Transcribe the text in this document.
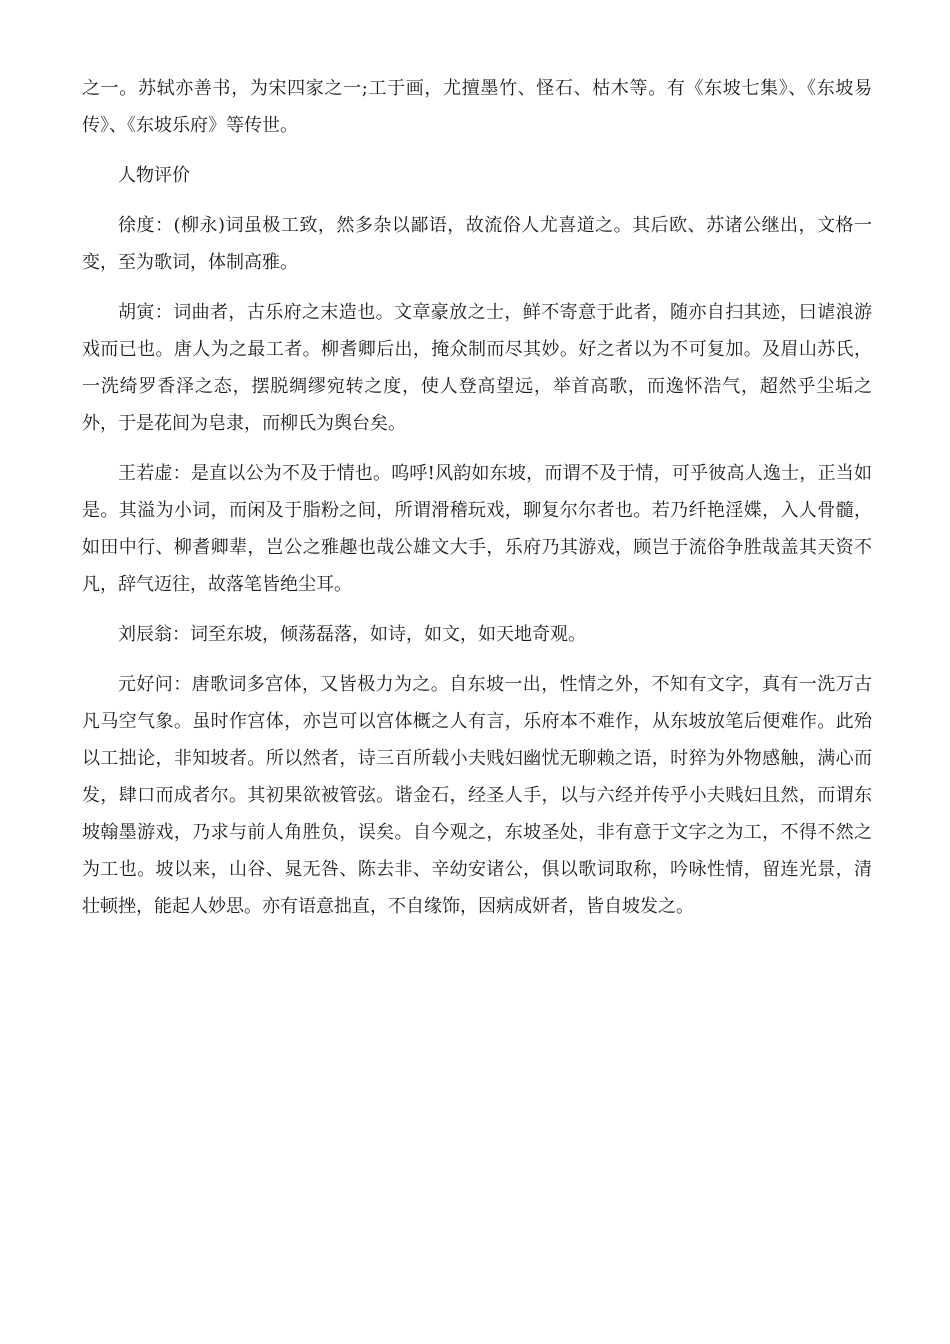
之一。苏轼亦善书，为宋四家之一;工于画，尤擅墨竹、怪石、枯木等。有《东坡七集》、《东坡易传》、《东坡乐府》等传世。

人物评价

徐度：(柳永)词虽极工致，然多杂以鄙语，故流俗人尤喜道之。其后欧、苏诸公继出，文格一变，至为歌词，体制高雅。

胡寅：词曲者，古乐府之末造也。文章豪放之士，鲜不寄意于此者，随亦自扫其迹，曰谑浪游戏而已也。唐人为之最工者。柳耆卿后出，掩众制而尽其妙。好之者以为不可复加。及眉山苏氏，一洗绮罗香泽之态，摆脱绸缪宛转之度，使人登高望远，举首高歌，而逸怀浩气，超然乎尘垢之外，于是花间为皂隶，而柳氏为舆台矣。

王若虚：是直以公为不及于情也。呜呼!风韵如东坡，而谓不及于情，可乎彼高人逸士，正当如是。其溢为小词，而闲及于脂粉之间，所谓滑稽玩戏，聊复尔尔者也。若乃纤艳淫媟，入人骨髓，如田中行、柳耆卿辈，岂公之雅趣也哉公雄文大手，乐府乃其游戏，顾岂于流俗争胜哉盖其天资不凡，辞气迈往，故落笔皆绝尘耳。

刘辰翁：词至东坡，倾荡磊落，如诗，如文，如天地奇观。

元好问：唐歌词多宫体，又皆极力为之。自东坡一出，性情之外，不知有文字，真有一洗万古凡马空气象。虽时作宫体，亦岂可以宫体概之人有言，乐府本不难作，从东坡放笔后便难作。此殆以工拙论，非知坡者。所以然者，诗三百所载小夫贱妇幽忧无聊赖之语，时猝为外物感触，满心而发，肆口而成者尔。其初果欲被管弦。谐金石，经圣人手，以与六经并传乎小夫贱妇且然，而谓东坡翰墨游戏，乃求与前人角胜负，误矣。自今观之，东坡圣处，非有意于文字之为工，不得不然之为工也。坡以来，山谷、晁无咎、陈去非、辛幼安诸公，俱以歌词取称，吟咏性情，留连光景，清壮顿挫，能起人妙思。亦有语意拙直，不自缘饰，因病成妍者，皆自坡发之。
